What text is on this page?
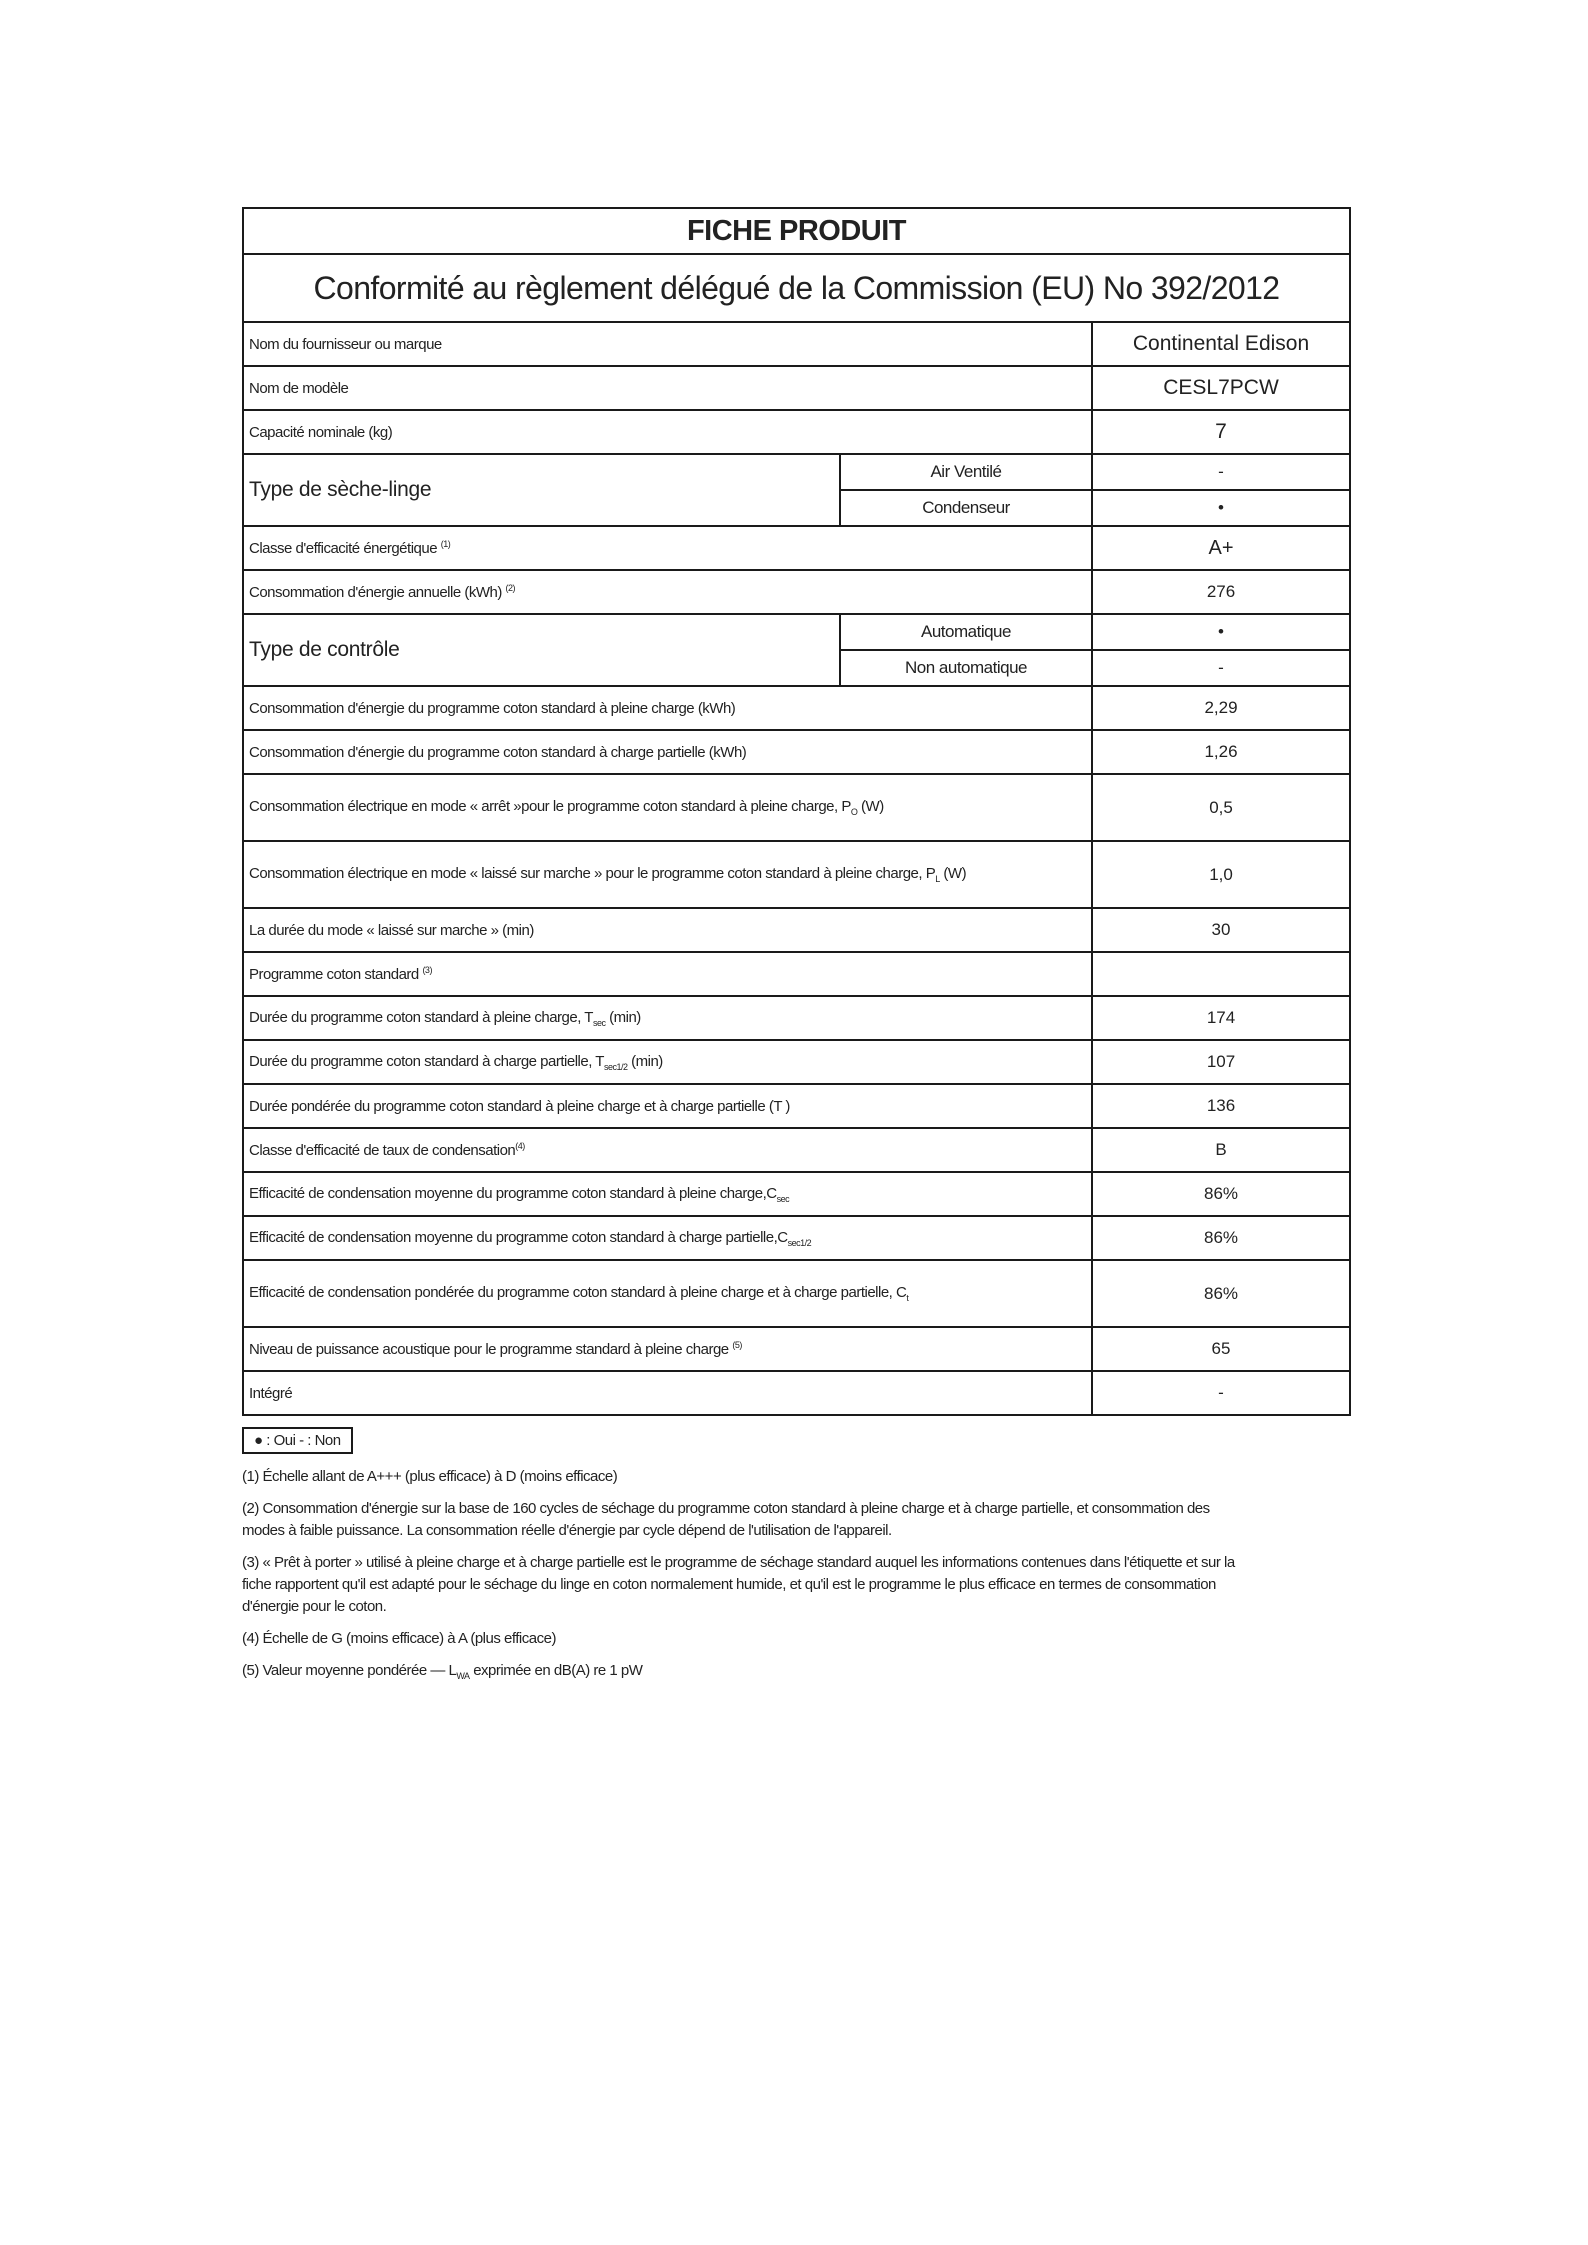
FICHE PRODUIT		
Conformité au règlement délégué de la Commission (EU) No 392/2012		
Nom du fournisseur ou marque		Continental Edison
Nom de modèle		CESL7PCW
Capacité nominale (kg)		7
Type de sèche-linge	Air Ventilé	-
	Condenseur	•
Classe d'efficacité énergétique $^{(1)}$		A+
Consommation d'énergie annuelle (kWh) $^{(2)}$		276
Type de contrôle	Automatique	•
	Non automatique	-
Consommation d'énergie du programme coton standard à pleine charge (kWh)		2,29
Consommation d'énergie du programme coton standard à charge partielle (kWh)		1,26
Consommation électrique en mode « arrêt »pour le programme coton standard à pleine charge, $P_O$ (W)		0,5
Consommation électrique en mode « laissé sur marche » pour le programme coton standard à pleine charge, $P_L$ (W)		1,0
La durée du mode « laissé sur marche » (min)		30
Programme coton standard $^{(3)}$	
Durée du programme coton standard à pleine charge, $T_{sec}$ (min)		174
Durée du programme coton standard à charge partielle, $T_{sec1/2}$ (min)		107
Durée pondérée du programme coton standard à pleine charge et à charge partielle (T )		136
Classe d'efficacité de taux de condensation$^{(4)}$		B
Efficacité de condensation moyenne du programme coton standard à pleine $charge,C_{sec}$		86%
Efficacité de condensation moyenne du programme coton standard à charge $partielle,C_{sec1/2}$		86%
Efficacité de condensation pondérée du programme coton standard à pleine charge et à charge partielle, $C_t$		86%
Niveau de puissance acoustique pour le programme standard à pleine charge $^{(5)}$		65
Intégré		-
● : Oui - : Non

(1) Échelle allant de A+++ (plus efficace) à D (moins efficace)

(2) Consommation d'énergie sur la base de 160 cycles de séchage du programme coton standard à pleine charge et à charge partielle, et consommation des modes à faible puissance. La consommation réelle d'énergie par cycle dépend de l'utilisation de l'appareil.

(3) « Prêt à porter » utilisé à pleine charge et à charge partielle est le programme de séchage standard auquel les informations contenues dans l'étiquette et sur la fiche rapportent qu'il est adapté pour le séchage du linge en coton normalement humide, et qu'il est le programme le plus efficace en termes de consommation d'énergie pour le coton.

(4) Échelle de G (moins efficace) à A (plus efficace)

(5) Valeur moyenne pondérée — $L_{WA}$ exprimée en dB(A) re 1 pW
